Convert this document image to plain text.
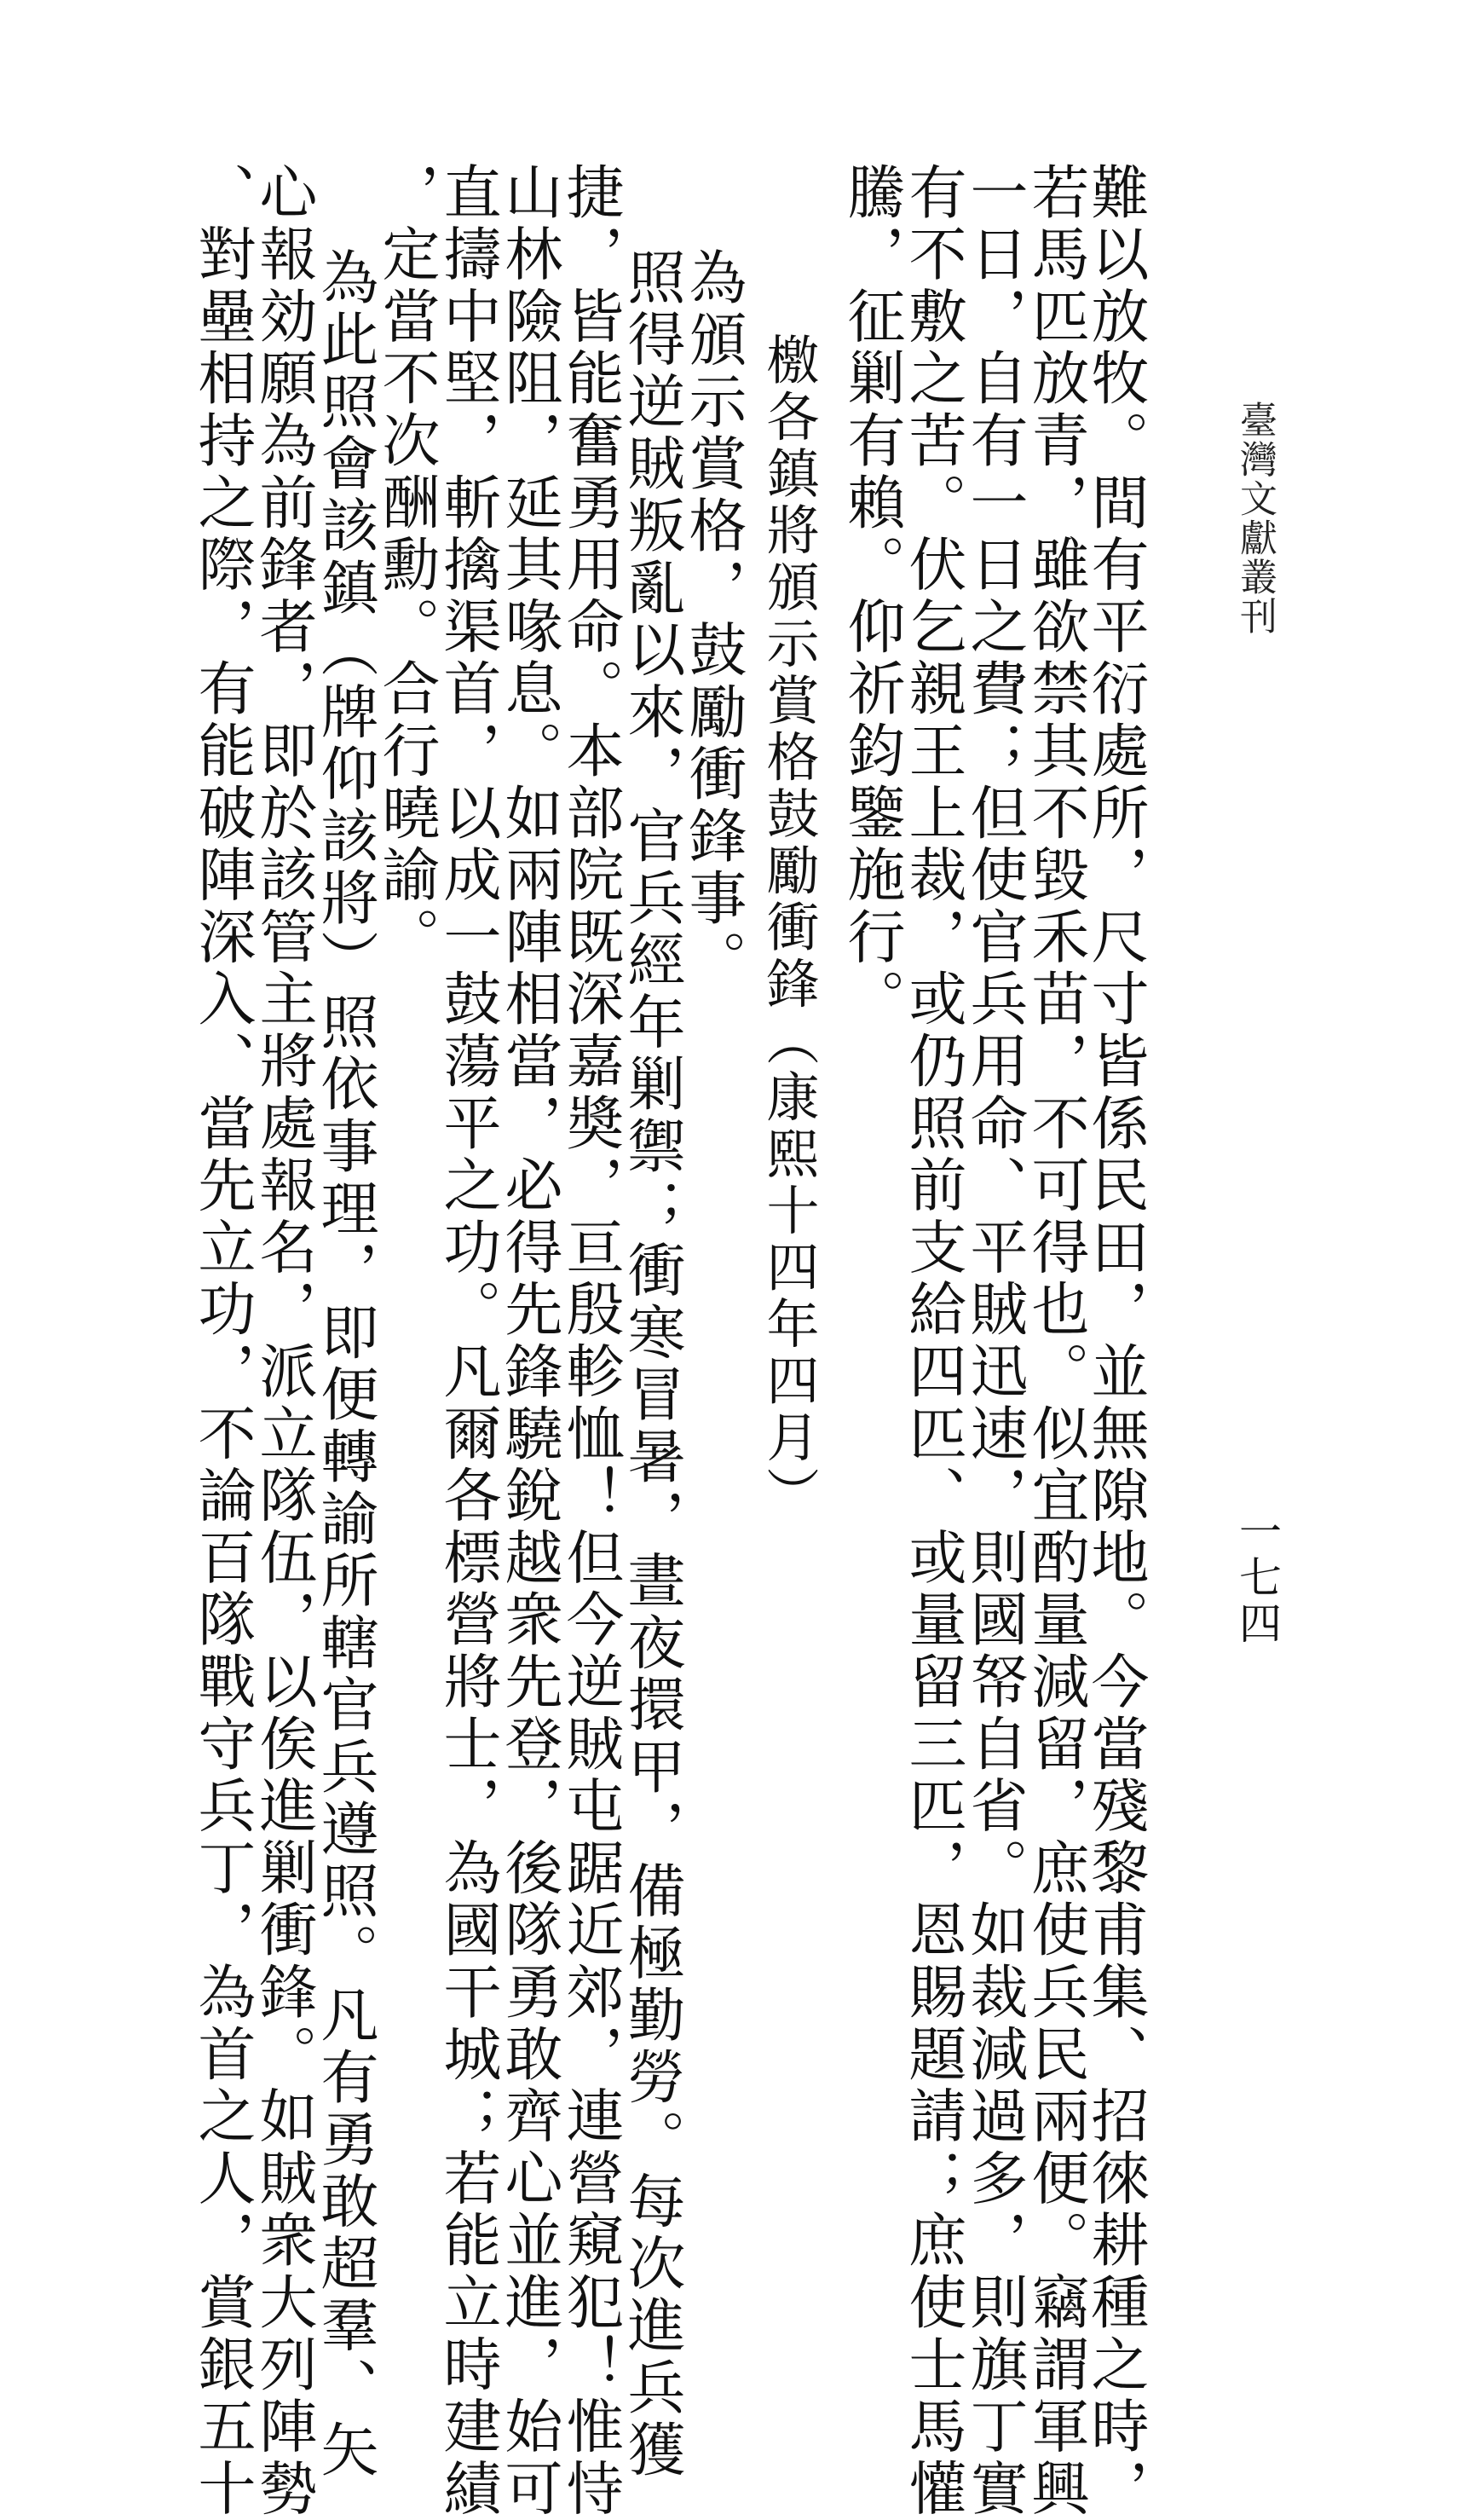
臺灣文獻叢刊
一七四
難以放牧。間有平衍處所，尺寸皆係民田，並無隙地。今當殘黎甫集、招徠耕種之時，
若馬匹放青，雖欲禁其不毀禾苗，不可得也。似宜酌量減留，庶使兵民兩便。竊謂軍興
一日，自有一日之費；但使官兵用命、平賊迅速，則國帑自省。如裁減過多，則旗丁實
有不敷之苦。伏乞親王上裁，或仍照前支給四匹、或量留三匹，恩賜題請；庶使士馬懽
騰，征剿有賴。仰祈鈞鑒施行。
檄各鎮將頒示賞格鼓勵衝鋒（康熙十四年四月）
為頒示賞格，鼓勵衝鋒事。
照得逆賊叛亂以來，官兵經年剿禦；衝寒冒暑，晝夜擐甲，備極勤勞。每次進兵獲
捷，皆能奮勇用命。本部院既深嘉奬，亘殷軫恤！但今逆賊屯踞近郊，連營窺犯！惟恃
山林險阻，延其喙息。如兩陣相當，必得先鋒驍銳越衆先登，後隊勇敢齊心並進，始可
直擣中堅，斬擒渠首，以成一鼓蕩平之功。凡爾各標營將士，為國干城；若能立時建績
，定當不次酬勳。合行曉諭。
為此照會該鎮（牌仰該將）照依事理，即便轉諭所轄官兵遵照。凡有勇敢超羣、矢
心報効願為前鋒者，即於該管主將處報名，派立隊伍，以俟進剿衝鋒。如賊衆大列陣勢
、對壘相持之際，有能破陣深入、當先立功，不論百隊戰守兵丁，為首之人，賞銀五十
